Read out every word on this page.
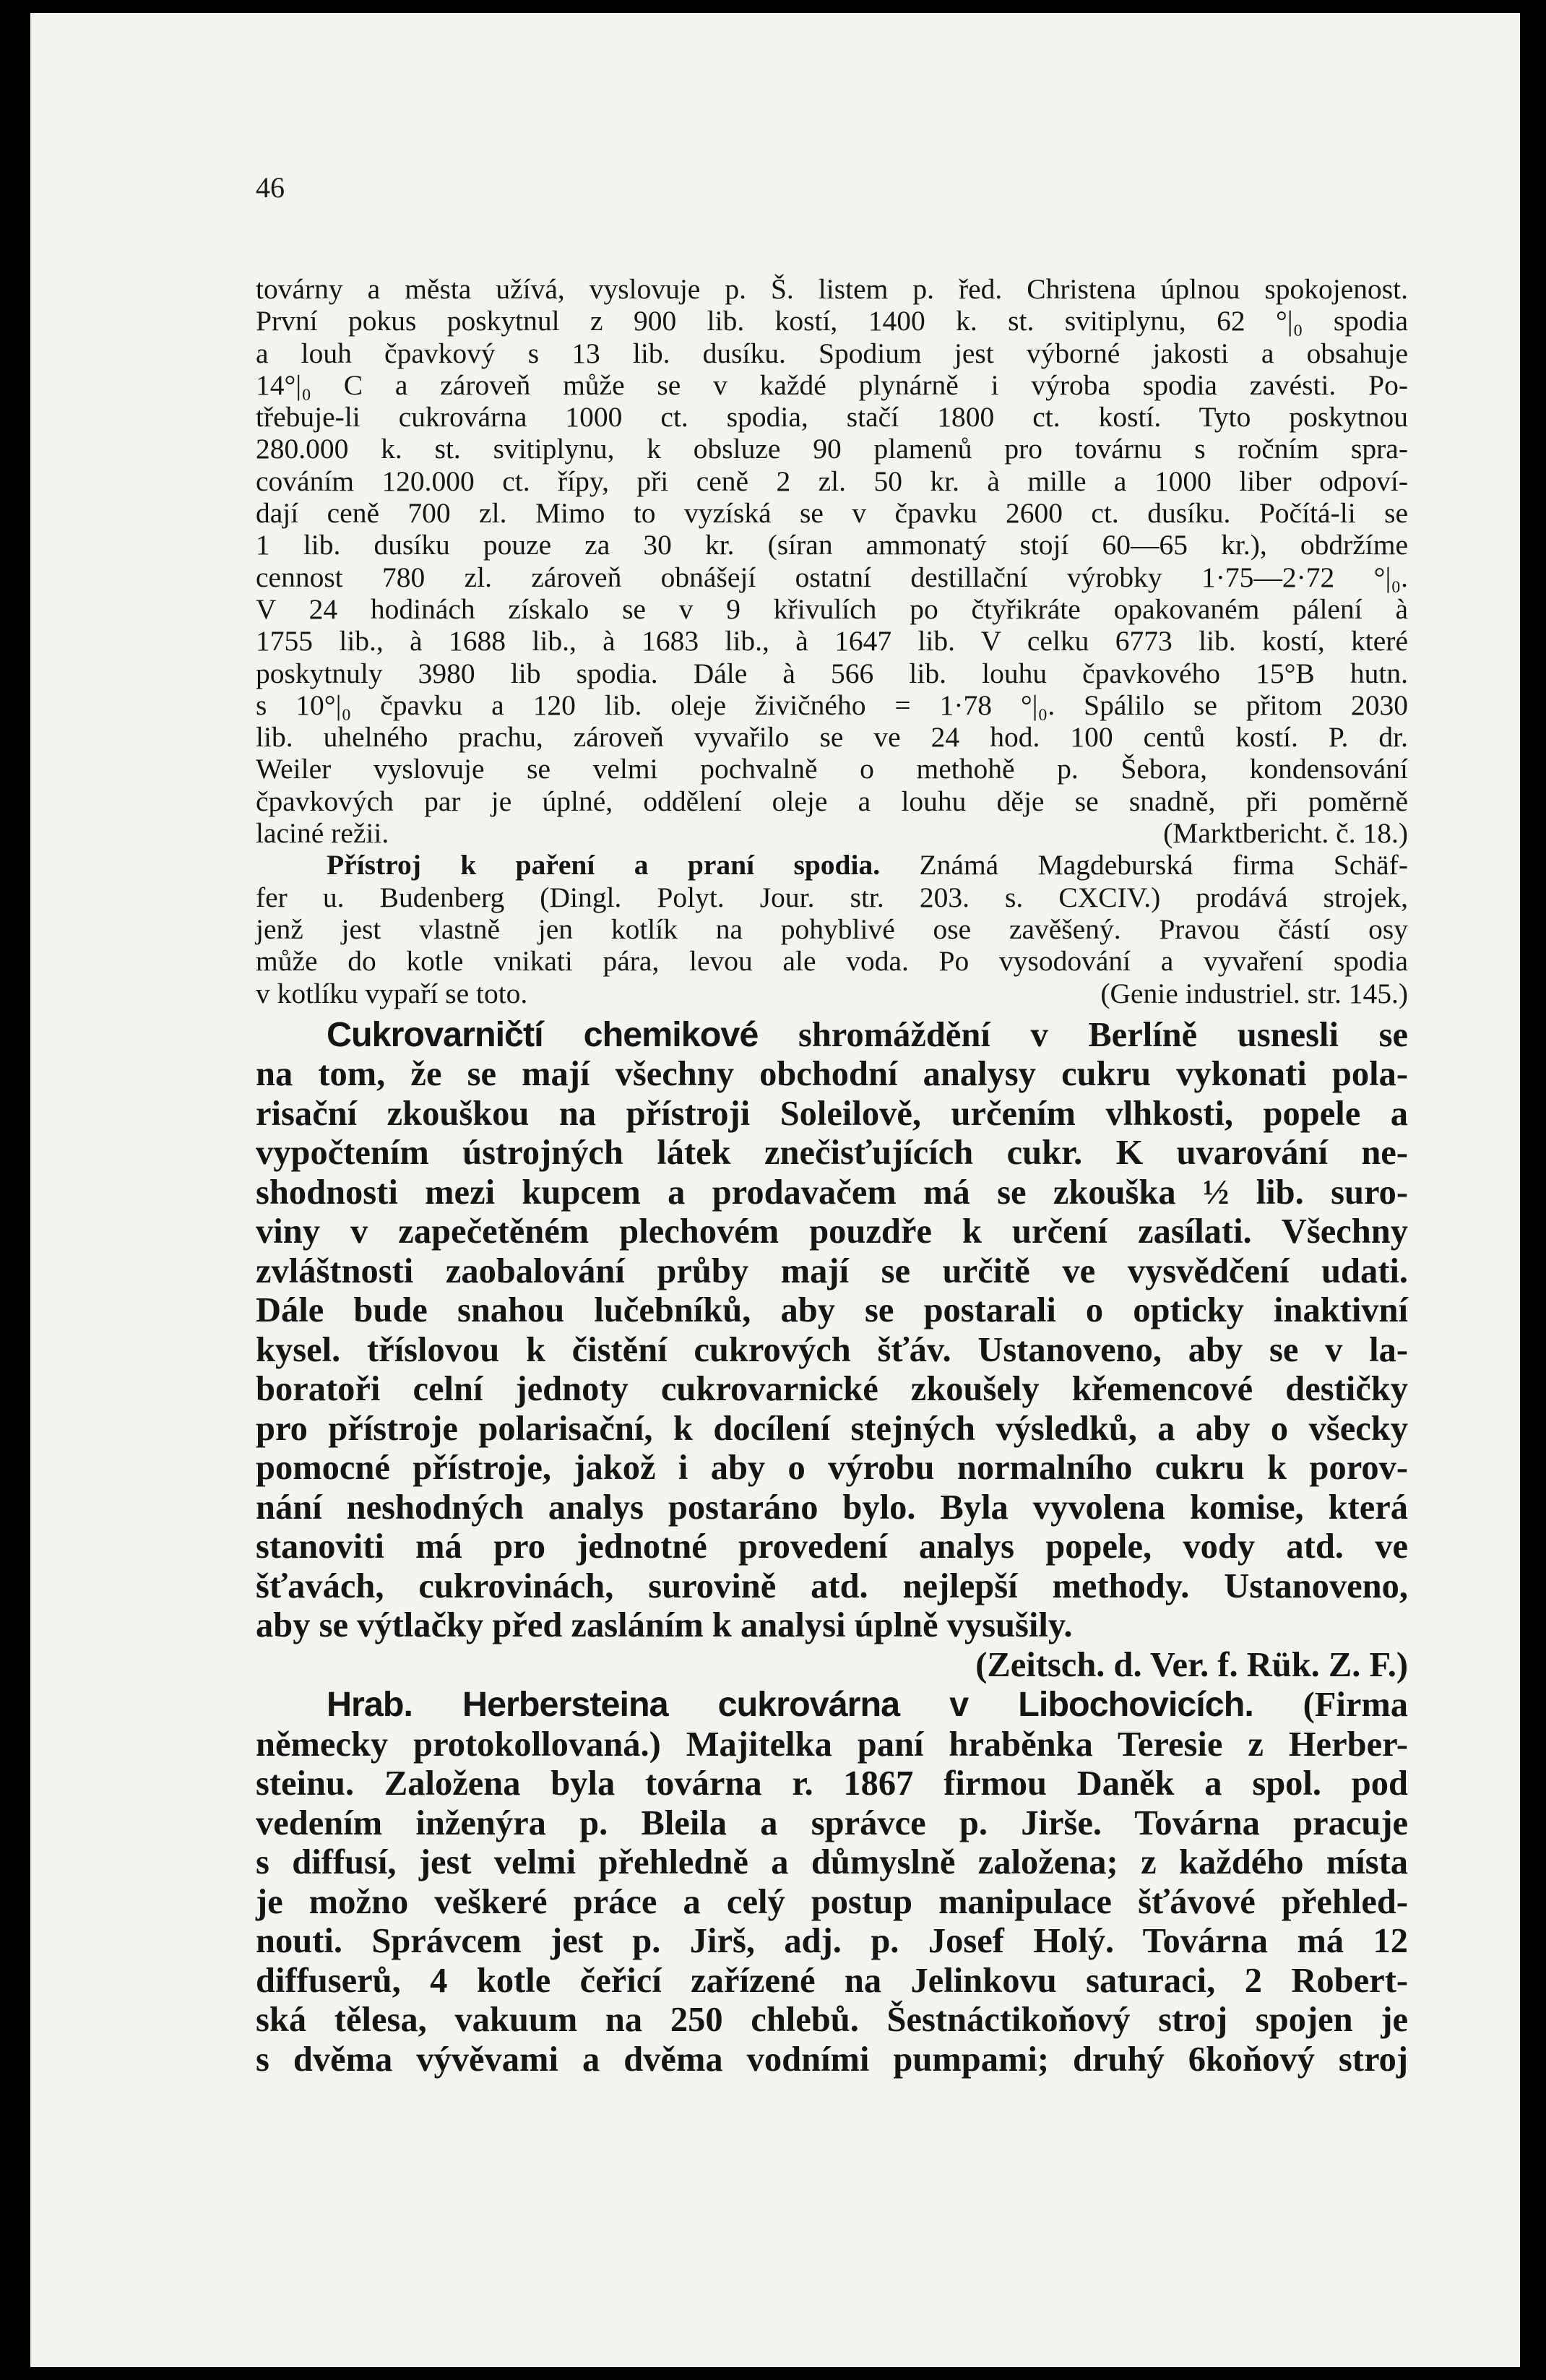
46

továrny a města užívá, vyslovuje p. Š. listem p. řed. Christena úplnou spokojenost.

První pokus poskytnul z 900 lib. kostí, 1400 k. st. svitiplynu, 62 °|₀ spodia

a louh čpavkový s 13 lib. dusíku. Spodium jest výborné jakosti a obsahuje

14°|₀ C a zároveň může se v každé plynárně i výroba spodia zavésti. Po-

třebuje-li cukrovárna 1000 ct. spodia, stačí 1800 ct. kostí. Tyto poskytnou

280.000 k. st. svitiplynu, k obsluze 90 plamenů pro továrnu s ročním spra-

cováním 120.000 ct. řípy, při ceně 2 zl. 50 kr. à mille a 1000 liber odpoví-

dají ceně 700 zl. Mimo to vyzíská se v čpavku 2600 ct. dusíku. Počítá-li se

1 lib. dusíku pouze za 30 kr. (síran ammonatý stojí 60—65 kr.), obdržíme

cennost 780 zl. zároveň obnášejí ostatní destillační výrobky 1·75—2·72 °|₀.

V 24 hodinách získalo se v 9 křivulích po čtyřikráte opakovaném pálení à

1755 lib., à 1688 lib., à 1683 lib., à 1647 lib. V celku 6773 lib. kostí, které

poskytnuly 3980 lib spodia. Dále à 566 lib. louhu čpavkového 15°B hutn.

s 10°|₀ čpavku a 120 lib. oleje živičného = 1·78 °|₀. Spálilo se přitom 2030

lib. uhelného prachu, zároveň vyvařilo se ve 24 hod. 100 centů kostí. P. dr.

Weiler vyslovuje se velmi pochvalně o methohě p. Šebora, kondensování

čpavkových par je úplné, oddělení oleje a louhu děje se snadně, při poměrně

laciné režii.	(Marktbericht. č. 18.)

Přístroj k paření a praní spodia. Známá Magdeburská firma Schäf-

fer u. Budenberg (Dingl. Polyt. Jour. str. 203. s. CXCIV.) prodává strojek,

jenž jest vlastně jen kotlík na pohyblivé ose zavěšený. Pravou částí osy

může do kotle vnikati pára, levou ale voda. Po vysodování a vyvaření spodia

v kotlíku vypaří se toto.	(Genie industriel. str. 145.)

Cukrovarničtí chemikové shromáždění v Berlíně usnesli se

na tom, že se mají všechny obchodní analysy cukru vykonati pola-

risační zkouškou na přístroji Soleilově, určením vlhkosti, popele a

vypočtením ústrojných látek znečisťujících cukr. K uvarování ne-

shodnosti mezi kupcem a prodavačem má se zkouška ½ lib. suro-

viny v zapečetěném plechovém pouzdře k určení zasílati. Všechny

zvláštnosti zaobalování průby mají se určitě ve vysvědčení udati.

Dále bude snahou lučebníků, aby se postarali o opticky inaktivní

kysel. tříslovou k čistění cukrových šťáv. Ustanoveno, aby se v la-

boratoři celní jednoty cukrovarnické zkoušely křemencové destičky

pro přístroje polarisační, k docílení stejných výsledků, a aby o všecky

pomocné přístroje, jakož i aby o výrobu normalního cukru k porov-

nání neshodných analys postaráno bylo. Byla vyvolena komise, která

stanoviti má pro jednotné provedení analys popele, vody atd. ve

šťavách, cukrovinách, surovině atd. nejlepší methody. Ustanoveno,

aby se výtlačky před zasláním k analysi úplně vysušily.

(Zeitsch. d. Ver. f. Rük. Z. F.)

Hrab. Herbersteina cukrovárna v Libochovicích. (Firma

německy protokollovaná.) Majitelka paní hraběnka Teresie z Herber-

steinu. Založena byla továrna r. 1867 firmou Daněk a spol. pod

vedením inženýra p. Bleila a správce p. Jirše. Továrna pracuje

s diffusí, jest velmi přehledně a důmyslně založena; z každého místa

je možno veškeré práce a celý postup manipulace šťávové přehled-

nouti. Správcem jest p. Jirš, adj. p. Josef Holý. Továrna má 12

diffuserů, 4 kotle čeřicí zařízené na Jelinkovu saturaci, 2 Robert-

ská tělesa, vakuum na 250 chlebů. Šestnáctikoňový stroj spojen je

s dvěma vývěvami a dvěma vodními pumpami; druhý 6koňový stroj
